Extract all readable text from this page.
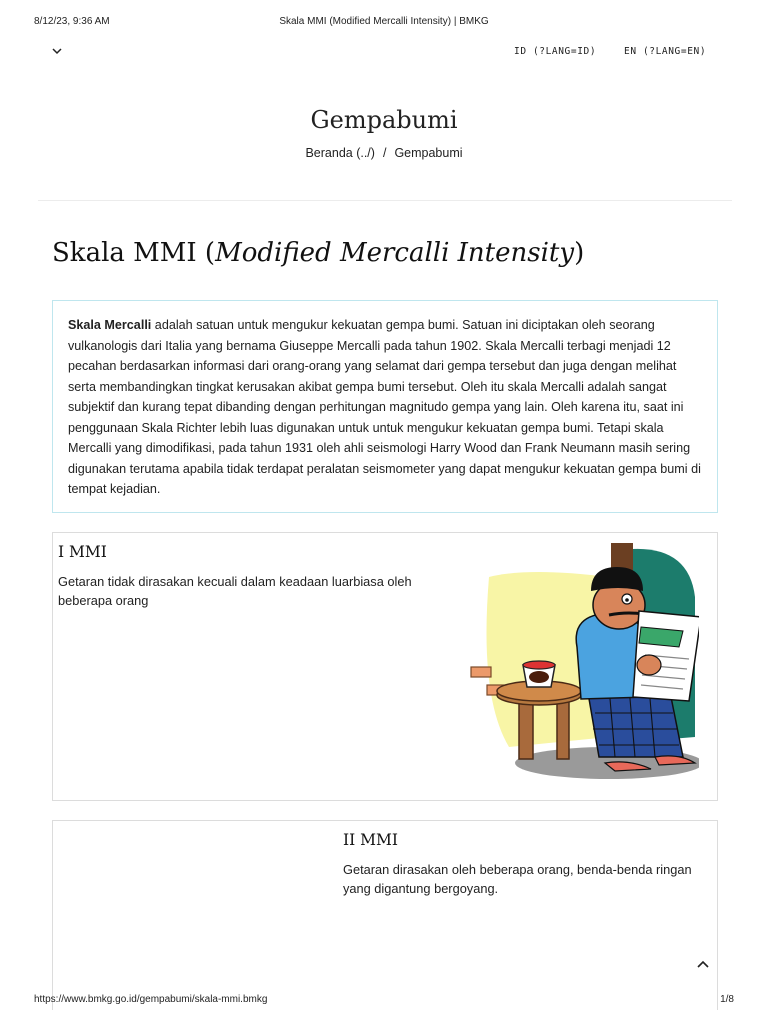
8/12/23, 9:36 AM	Skala MMI (Modified Mercalli Intensity) | BMKG
ID (?LANG=ID)	EN (?LANG=EN)
Gempabumi
Beranda (../) / Gempabumi
Skala MMI (Modified Mercalli Intensity)
Skala Mercalli adalah satuan untuk mengukur kekuatan gempa bumi. Satuan ini diciptakan oleh seorang vulkanologis dari Italia yang bernama Giuseppe Mercalli pada tahun 1902. Skala Mercalli terbagi menjadi 12 pecahan berdasarkan informasi dari orang-orang yang selamat dari gempa tersebut dan juga dengan melihat serta membandingkan tingkat kerusakan akibat gempa bumi tersebut. Oleh itu skala Mercalli adalah sangat subjektif dan kurang tepat dibanding dengan perhitungan magnitudo gempa yang lain. Oleh karena itu, saat ini penggunaan Skala Richter lebih luas digunakan untuk untuk mengukur kekuatan gempa bumi. Tetapi skala Mercalli yang dimodifikasi, pada tahun 1931 oleh ahli seismologi Harry Wood dan Frank Neumann masih sering digunakan terutama apabila tidak terdapat peralatan seismometer yang dapat mengukur kekuatan gempa bumi di tempat kejadian.
I MMI

Getaran tidak dirasakan kecuali dalam keadaan luarbiasa oleh beberapa orang

II MMI

Getaran dirasakan oleh beberapa orang, benda-benda ringan yang digantung bergoyang.

https://www.bmkg.go.id/gempabumi/skala-mmi.bmkg	1/8
